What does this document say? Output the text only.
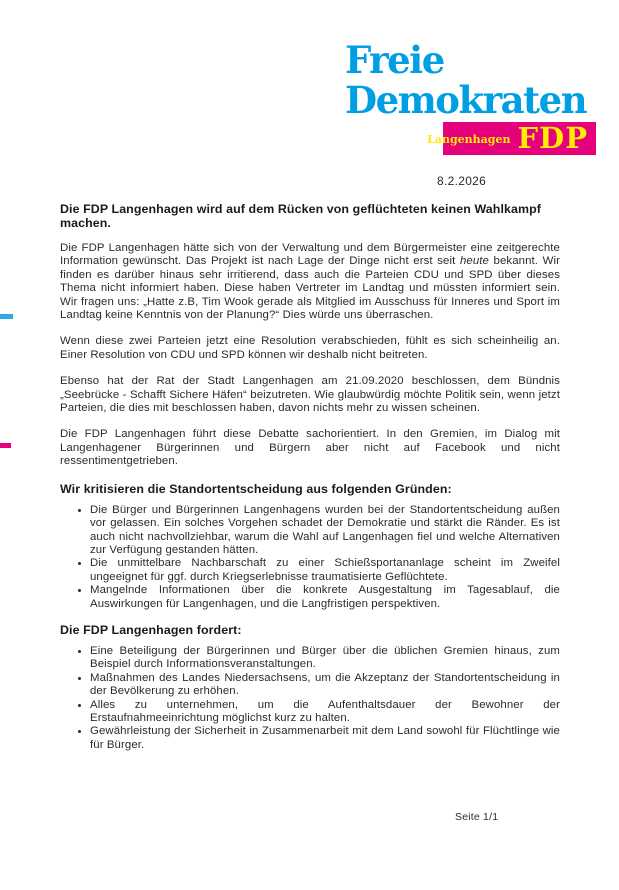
Freie
Demokraten
Langenhagen FDP
8.2.2026
Die FDP Langenhagen wird auf dem Rücken von geflüchteten keinen Wahlkampf machen.

Die FDP Langenhagen hätte sich von der Verwaltung und dem Bürgermeister eine zeitgerechte Information gewünscht. Das Projekt ist nach Lage der Dinge nicht erst seit heute bekannt. Wir finden es darüber hinaus sehr irritierend, dass auch die Parteien CDU und SPD über dieses Thema nicht informiert haben. Diese haben Vertreter im Landtag und müssten informiert sein. Wir fragen uns: „Hatte z.B, Tim Wook gerade als Mitglied im Ausschuss für Inneres und Sport im Landtag keine Kenntnis von der Planung?“ Dies würde uns überraschen.

Wenn diese zwei Parteien jetzt eine Resolution verabschieden, fühlt es sich scheinheilig an. Einer Resolution von CDU und SPD können wir deshalb nicht beitreten.

Ebenso hat der Rat der Stadt Langenhagen am 21.09.2020 beschlossen, dem Bündnis „Seebrücke - Schafft Sichere Häfen“ beizutreten. Wie glaubwürdig möchte Politik sein, wenn jetzt Parteien, die dies mit beschlossen haben, davon nichts mehr zu wissen scheinen.

Die FDP Langenhagen führt diese Debatte sachorientiert. In den Gremien, im Dialog mit Langenhagener Bürgerinnen und Bürgern aber nicht auf Facebook und nicht ressentimentgetrieben.

Wir kritisieren die Standortentscheidung aus folgenden Gründen:
• Die Bürger und Bürgerinnen Langenhagens wurden bei der Standortentscheidung außen vor gelassen. Ein solches Vorgehen schadet der Demokratie und stärkt die Ränder. Es ist auch nicht nachvollziehbar, warum die Wahl auf Langenhagen fiel und welche Alternativen zur Verfügung gestanden hätten.
• Die unmittelbare Nachbarschaft zu einer Schießsportananlage scheint im Zweifel ungeeignet für ggf. durch Kriegserlebnisse traumatisierte Geflüchtete.
• Mangelnde Informationen über die konkrete Ausgestaltung im Tagesablauf, die Auswirkungen für Langenhagen, und die Langfristigen perspektiven.
Die FDP Langenhagen fordert:
• Eine Beteiligung der Bürgerinnen und Bürger über die üblichen Gremien hinaus, zum Beispiel durch Informationsveranstaltungen.
• Maßnahmen des Landes Niedersachsens, um die Akzeptanz der Standortentscheidung in der Bevölkerung zu erhöhen.
• Alles zu unternehmen, um die Aufenthaltsdauer der Bewohner der Erstaufnahmeeinrichtung möglichst kurz zu halten.
• Gewährleistung der Sicherheit in Zusammenarbeit mit dem Land sowohl für Flüchtlinge wie für Bürger.
Seite 1/1
